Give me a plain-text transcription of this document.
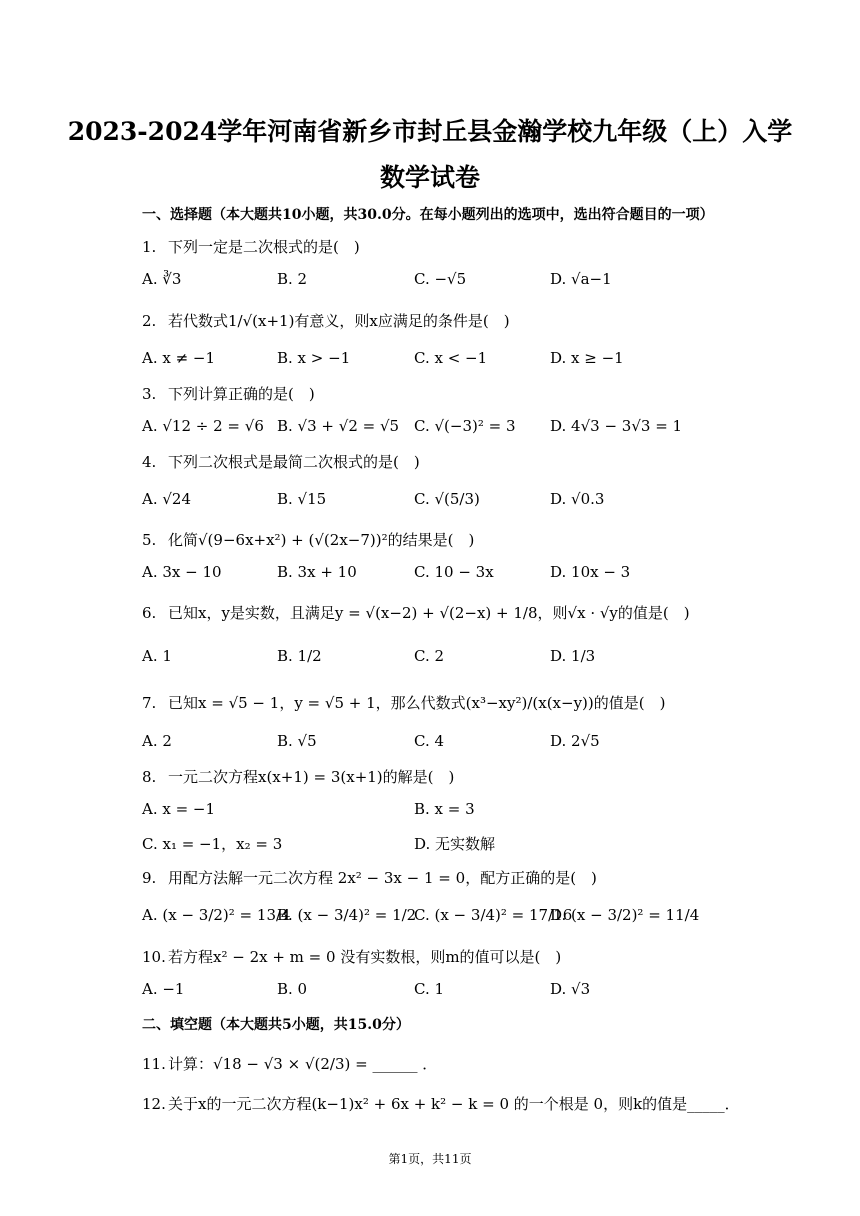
2023-2024学年河南省新乡市封丘县金瀚学校九年级（上）入学
数学试卷
一、选择题（本大题共10小题，共30.0分。在每小题列出的选项中，选出符合题目的一项）
1. 下列一定是二次根式的是(　)
A. ∛3	B. 2	C. −√5	D. √a−1
2. 若代数式1/√(x+1)有意义，则x应满足的条件是(　)
A. x ≠ −1	B. x > −1	C. x < −1	D. x ≥ −1
3. 下列计算正确的是(　)
A. √12 ÷ 2 = √6 B. √3 + √2 = √5 C. √(−3)² = 3 D. 4√3 − 3√3 = 1
4. 下列二次根式是最简二次根式的是(　)
A. √24	B. √15	C. √(5/3)	D. √0.3
5. 化简√(9−6x+x²) + (√(2x−7))²的结果是(　)
A. 3x − 10	B. 3x + 10	C. 10 − 3x	D. 10x − 3
6. 已知x，y是实数，且满足y = √(x−2) + √(2−x) + 1/8，则√x · √y的值是(　)
A. 1	B. 1/2	C. 2	D. 1/3
7. 已知x = √5 − 1，y = √5 + 1，那么代数式(x³−xy²)/(x(x−y))的值是(　)
A. 2	B. √5	C. 4	D. 2√5
8. 一元二次方程x(x+1) = 3(x+1)的解是(　)
A. x = −1	B. x = 3
C. x₁ = −1，x₂ = 3	D. 无实数解
9. 用配方法解一元二次方程 2x² − 3x − 1 = 0，配方正确的是(　)
A. (x − 3/2)² = 13/4
B. (x − 3/4)² = 1/2
C. (x − 3/4)² = 17/16
D. (x − 3/2)² = 11/4
10. 若方程x² − 2x + m = 0 没有实数根，则m的值可以是(　)
A. −1	B. 0	C. 1	D. √3
二、填空题（本大题共5小题，共15.0分）
11. 计算：√18 − √3 × √(2/3) = ______ ．
12. 关于x的一元二次方程(k−1)x² + 6x + k² − k = 0 的一个根是 0，则k的值是_____．
第1页，共11页
